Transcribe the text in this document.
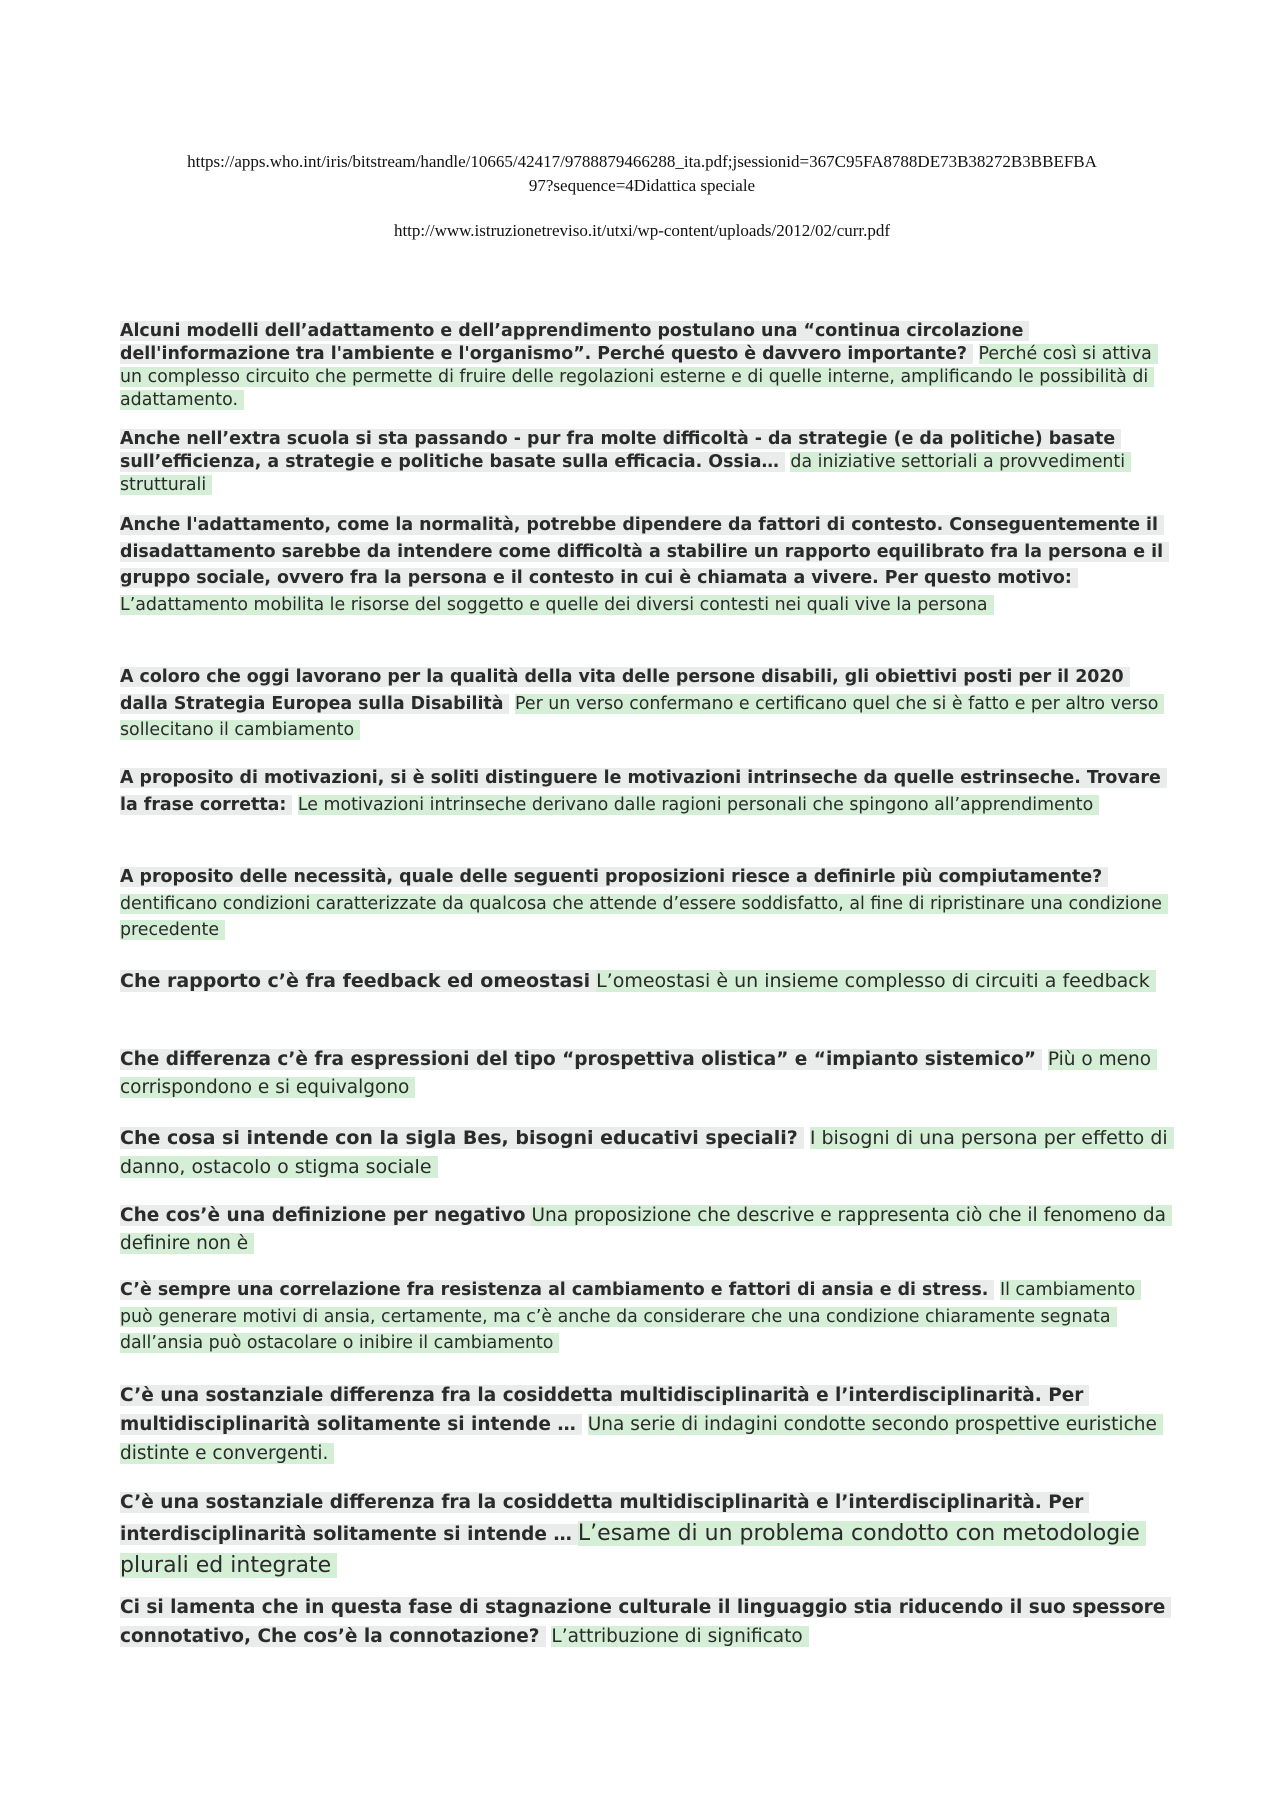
https://apps.who.int/iris/bitstream/handle/10665/42417/9788879466288_ita.pdf;jsessionid=367C95FA8788DE73B38272B3BBEFBA
97?sequence=4Didattica speciale

http://www.istruzionetreviso.it/utxi/wp-content/uploads/2012/02/curr.pdf

Alcuni modelli dell’adattamento e dell’apprendimento postulano una “continua circolazione dell'informazione tra l'ambiente e l'organismo”. Perché questo è davvero importante? Perché così si attiva un complesso circuito che permette di fruire delle regolazioni esterne e di quelle interne, amplificando le possibilità di adattamento.
Anche nell’extra scuola si sta passando - pur fra molte difficoltà - da strategie (e da politiche) basate sull’efficienza, a strategie e politiche basate sulla efficacia. Ossia… da iniziative settoriali a provvedimenti strutturali
Anche l'adattamento, come la normalità, potrebbe dipendere da fattori di contesto. Conseguentemente il disadattamento sarebbe da intendere come difficoltà a stabilire un rapporto equilibrato fra la persona e il gruppo sociale, ovvero fra la persona e il contesto in cui è chiamata a vivere. Per questo motivo: L’adattamento mobilita le risorse del soggetto e quelle dei diversi contesti nei quali vive la persona
A coloro che oggi lavorano per la qualità della vita delle persone disabili, gli obiettivi posti per il 2020 dalla Strategia Europea sulla Disabilità Per un verso confermano e certificano quel che si è fatto e per altro verso sollecitano il cambiamento
A proposito di motivazioni, si è soliti distinguere le motivazioni intrinseche da quelle estrinseche. Trovare la frase corretta: Le motivazioni intrinseche derivano dalle ragioni personali che spingono all’apprendimento
A proposito delle necessità, quale delle seguenti proposizioni riesce a definirle più compiutamente? dentificano condizioni caratterizzate da qualcosa che attende d’essere soddisfatto, al fine di ripristinare una condizione precedente
Che rapporto c’è fra feedback ed omeostasi L’omeostasi è un insieme complesso di circuiti a feedback
Che differenza c’è fra espressioni del tipo “prospettiva olistica” e “impianto sistemico” Più o meno corrispondono e si equivalgono
Che cosa si intende con la sigla Bes, bisogni educativi speciali? I bisogni di una persona per effetto di danno, ostacolo o stigma sociale
Che cos’è una definizione per negativo Una proposizione che descrive e rappresenta ciò che il fenomeno da definire non è
C’è sempre una correlazione fra resistenza al cambiamento e fattori di ansia e di stress. Il cambiamento può generare motivi di ansia, certamente, ma c’è anche da considerare che una condizione chiaramente segnata dall’ansia può ostacolare o inibire il cambiamento
C’è una sostanziale differenza fra la cosiddetta multidisciplinarità e l’interdisciplinarità. Per multidisciplinarità solitamente si intende … Una serie di indagini condotte secondo prospettive euristiche distinte e convergenti.
C’è una sostanziale differenza fra la cosiddetta multidisciplinarità e l’interdisciplinarità. Per interdisciplinarità solitamente si intende … L’esame di un problema condotto con metodologie plurali ed integrate
Ci si lamenta che in questa fase di stagnazione culturale il linguaggio stia riducendo il suo spessore connotativo, Che cos’è la connotazione? L’attribuzione di significato
